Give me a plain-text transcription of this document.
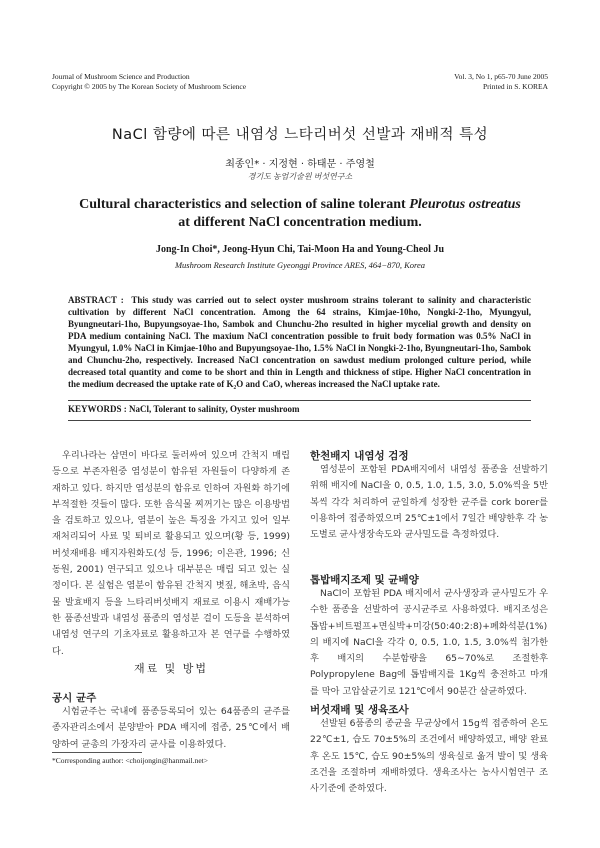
Journal of Mushroom Science and Production
Copyright © 2005 by The Korean Society of Mushroom Science
Vol. 3, No 1, p65-70 June 2005
Printed in S. KOREA
NaCl 함량에 따른 내염성 느타리버섯 선발과 재배적 특성
최종인* · 지정현 · 하태문 · 주영철
경기도 농업기술원 버섯연구소
Cultural characteristics and selection of saline tolerant Pleurotus ostreatus
at different NaCl concentration medium.
Jong-In Choi*, Jeong-Hyun Chi, Tai-Moon Ha and Young-Cheol Ju
Mushroom Research Institute Gyeonggi Province ARES, 464−870, Korea
ABSTRACT : This study was carried out to select oyster mushroom strains tolerant to salinity and characteristic cultivation by different NaCl concentration. Among the 64 strains, Kimjae-10ho, Nongki-2-1ho, Myungyul, Byungneutari-1ho, Bupyungsoyae-1ho, Sambok and Chunchu-2ho resulted in higher mycelial growth and density on PDA medium containing NaCl. The maxium NaCl concentration possible to fruit body formation was 0.5% NaCl in Myungyul, 1.0% NaCl in Kimjae-10ho and Bupyungsoyae-1ho, 1.5% NaCl in Nongki-2-1ho, Byungneutari-1ho, Sambok and Chunchu-2ho, respectively. Increased NaCl concentration on sawdust medium prolonged culture period, while decreased total quantity and come to be short and thin in Length and thickness of stipe. Higher NaCl concentration in the medium decreased the uptake rate of K₂O and CaO, whereas increased the NaCl uptake rate.
KEYWORDS : NaCl, Tolerant to salinity, Oyster mushroom

우리나라는 삼면이 바다로 둘러싸여 있으며 간척지 매립 등으로 부존자원중 염성분이 함유된 자원들이 다양하게 존재하고 있다. 하지만 염성분의 함유로 인하여 자원화 하기에 부적절한 것들이 많다. 또한 음식물 찌꺼기는 많은 이용방법을 검토하고 있으나, 염분이 높은 특징을 가지고 있어 일부 재처리되어 사료 및 퇴비로 활용되고 있으며(황 등, 1999) 버섯재배용 배지자원화도(성 등, 1996; 이은관, 1996; 신동원, 2001) 연구되고 있으나 대부분은 매립 되고 있는 실정이다. 본 실험은 염분이 함유된 간척지 볏짚, 해초박, 음식물 발효배지 등을 느타리버섯배지 재료로 이용시 재배가능한 품종선발과 내염성 품종의 염성분 걸이 도등을 분석하여 내염성 연구의 기초자료로 활용하고자 본 연구를 수행하였다.

재료 및 방법
공시 균주

시험균주는 국내에 품종등록되어 있는 64품종의 균주를 종자관리소에서 분양받아 PDA 배지에 접종, 25℃에서 배양하여 균총의 가장자리 균사를 이용하였다.

*Corresponding author: <choijongin@hanmail.net>
한천배지 내염성 검정

염성분이 포함된 PDA배지에서 내염성 품종을 선발하기 위해 배지에 NaCl을 0, 0.5, 1.0, 1.5, 3.0, 5.0%씩을 5반복씩 각각 처리하여 균일하게 성장한 균주를 cork borer를 이용하여 접종하였으며 25℃±1에서 7일간 배양한후 각 농도별로 균사생장속도와 균사밀도를 측정하였다.

톱밥배지조제 및 균배양

NaCl이 포함된 PDA 배지에서 균사생장과 균사밀도가 우수한 품종을 선발하여 공시균주로 사용하였다. 배지조성은 톱밥+비트펄프+면실박+미강(50:40:2:8)+폐화석분(1%)의 배지에 NaCl을 각각 0, 0.5, 1.0, 1.5, 3.0%씩 첨가한후 배지의 수분함량을 65∼70%로 조절한후 Polypropylene Bag에 톱밥배지를 1Kg씩 충전하고 마개를 막아 고압살균기로 121℃에서 90분간 살균하였다.

버섯재배 및 생육조사

선발된 6품종의 종균을 무균상에서 15g씩 접종하여 온도 22℃±1, 습도 70±5%의 조건에서 배양하였고, 배양 완료 후 온도 15℃, 습도 90±5%의 생육실로 옮겨 발이 및 생육조건을 조절하며 재배하였다. 생육조사는 농사시험연구 조사기준에 준하였다.
